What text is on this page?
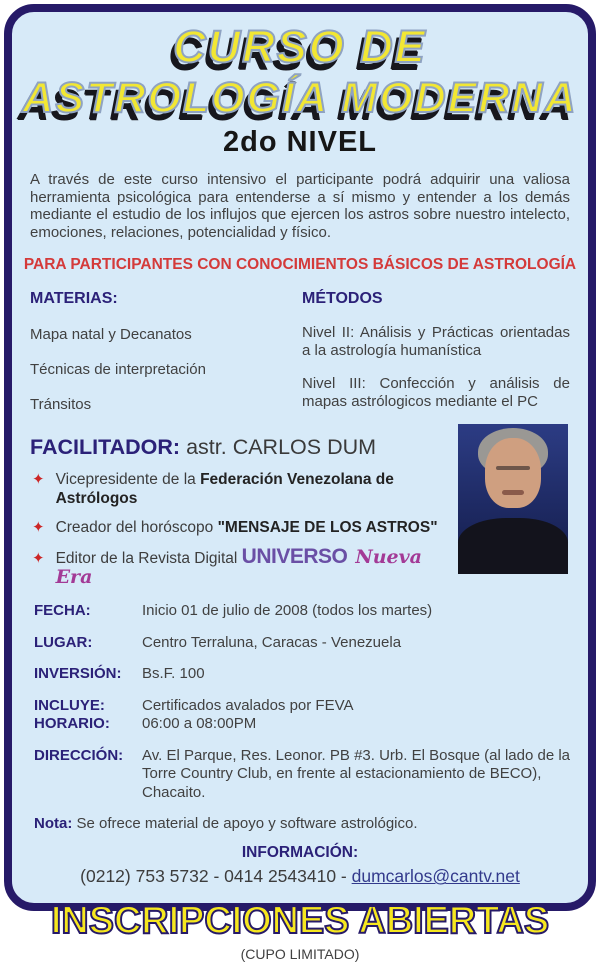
CURSO DE
ASTROLOGÍA MODERNA
2do NIVEL

A través de este curso intensivo el participante podrá adquirir una valiosa herramienta psicológica para entenderse a sí mismo y entender a los demás mediante el estudio de los influjos que ejercen los astros sobre nuestro intelecto, emociones, relaciones, potencialidad y físico.

PARA PARTICIPANTES CON CONOCIMIENTOS BÁSICOS DE ASTROLOGÍA
MATERIAS:
Mapa natal y Decanatos
Técnicas de interpretación
Tránsitos
MÉTODOS
Nivel II: Análisis y Prácticas orientadas a la astrología humanística
Nivel III: Confección y análisis de mapas astrólogicos mediante el PC
FACILITADOR: astr. CARLOS DUM
✦ Vicepresidente de la Federación Venezolana de Astrólogos
✦ Creador del horóscopo "MENSAJE DE LOS ASTROS"
✦ Editor de la Revista Digital UNIVERSO Nueva Era
FECHA:	Inicio 01 de julio de 2008 (todos los martes)
LUGAR:	Centro Terraluna, Caracas - Venezuela
INVERSIÓN:	Bs.F. 100
INCLUYE:	Certificados avalados por FEVA
HORARIO:	06:00 a 08:00PM
DIRECCIÓN:	Av. El Parque, Res. Leonor. PB #3. Urb. El Bosque (al lado de la Torre Country Club, en frente al estacionamiento de BECO), Chacaito.
Nota: Se ofrece material de apoyo y software astrológico.
INFORMACIÓN:
(0212) 753 5732 - 0414 2543410 - dumcarlos@cantv.net
INSCRIPCIONES ABIERTAS
(CUPO LIMITADO)
